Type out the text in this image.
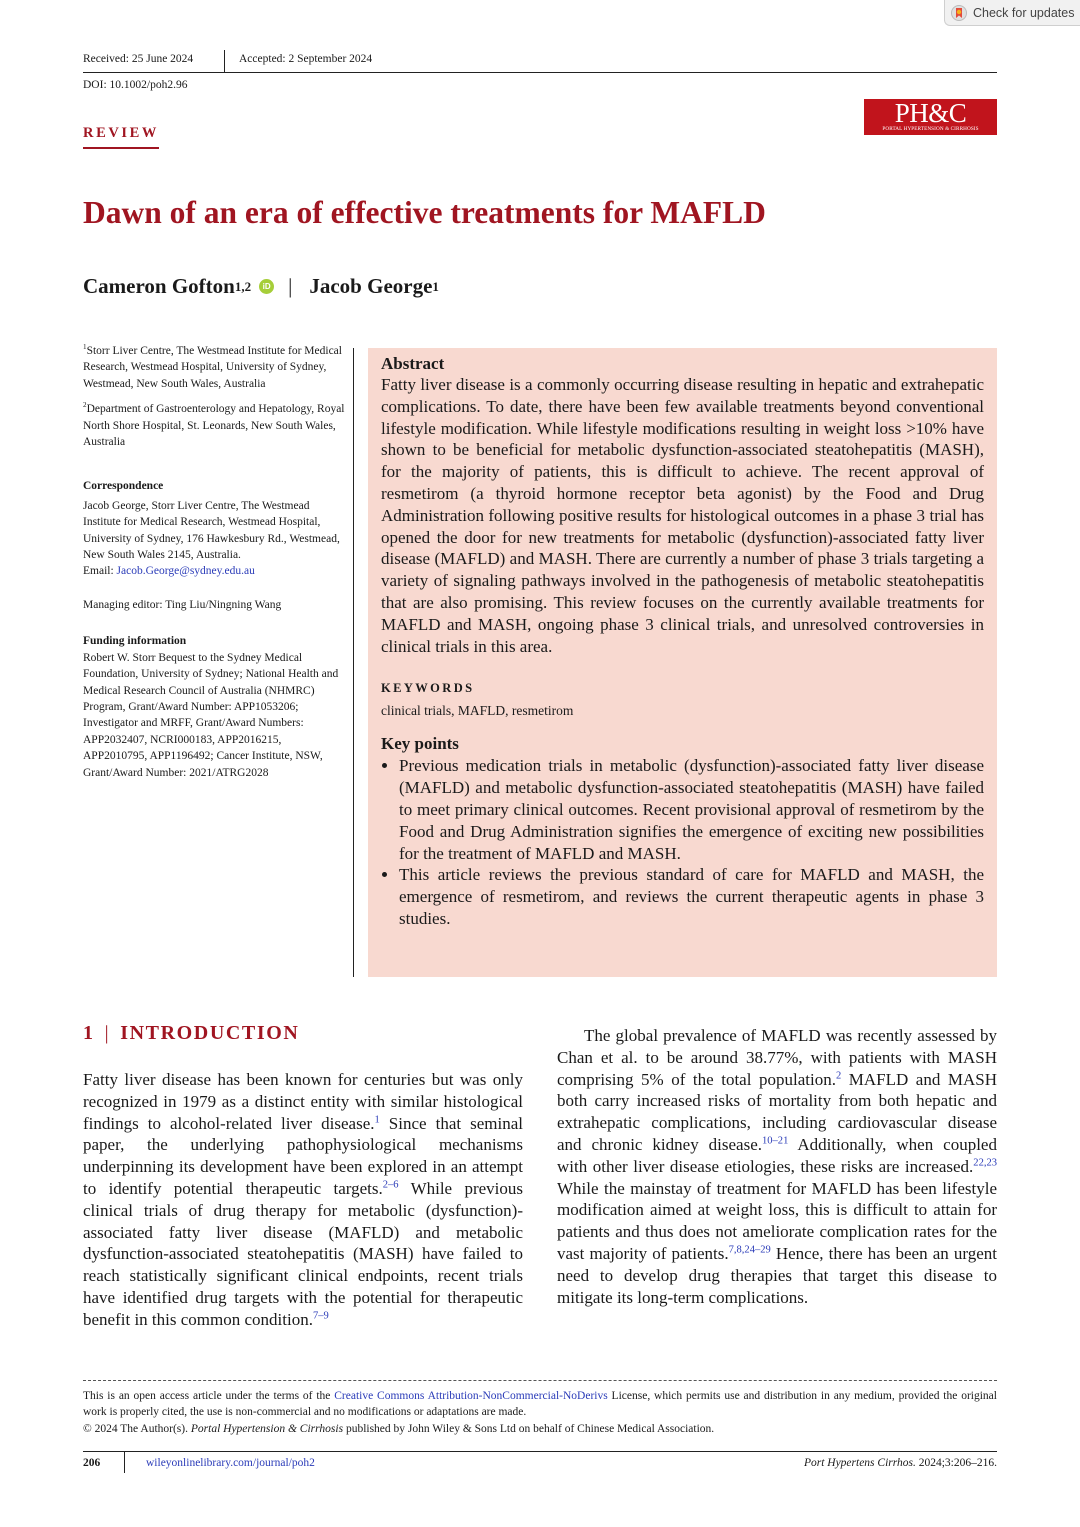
Check for updates
Received: 25 June 2024	Accepted: 2 September 2024
DOI: 10.1002/poh2.96
REVIEW
PH&C
PORTAL HYPERTENSION & CIRRHOSIS
Dawn of an era of effective treatments for MAFLD
Cameron Gofton 1,2	iD | Jacob George 1

$^1$Storr Liver Centre, The Westmead Institute for Medical Research, Westmead Hospital, University of Sydney, Westmead, New South Wales, Australia

$^2$Department of Gastroenterology and Hepatology, Royal North Shore Hospital, St. Leonards, New South Wales, Australia

Correspondence
Jacob George, Storr Liver Centre, The Westmead Institute for Medical Research, Westmead Hospital, University of Sydney, 176 Hawkesbury Rd., Westmead, New South Wales 2145, Australia.
Email: Jacob.George@sydney.edu.au
Managing editor: Ting Liu/Ningning Wang
Funding information
Robert W. Storr Bequest to the Sydney Medical Foundation, University of Sydney; National Health and Medical Research Council of Australia (NHMRC) Program, Grant/Award Number: APP1053206; Investigator and MRFF, Grant/Award Numbers: APP2032407, NCRI000183, APP2016215, APP2010795, APP1196492; Cancer Institute, NSW, Grant/Award Number: 2021/ATRG2028
Abstract

Fatty liver disease is a commonly occurring disease resulting in hepatic and extrahepatic complications. To date, there have been few available treatments beyond conventional lifestyle modification. While lifestyle modifications resulting in weight loss >10% have shown to be beneficial for metabolic dysfunction-associated steatohepatitis (MASH), for the majority of patients, this is difficult to achieve. The recent approval of resmetirom (a thyroid hormone receptor beta agonist) by the Food and Drug Administration following positive results for histological outcomes in a phase 3 trial has opened the door for new treatments for metabolic (dysfunction)-associated fatty liver disease (MAFLD) and MASH. There are currently a number of phase 3 trials targeting a variety of signaling pathways involved in the pathogenesis of metabolic steatohepatitis that are also promising. This review focuses on the currently available treatments for MAFLD and MASH, ongoing phase 3 clinical trials, and unresolved controversies in clinical trials in this area.

KEYWORDS
clinical trials, MAFLD, resmetirom
Key points
• Previous medication trials in metabolic (dysfunction)-associated fatty liver disease (MAFLD) and metabolic dysfunction-associated steatohepatitis (MASH) have failed to meet primary clinical outcomes. Recent provisional approval of resmetirom by the Food and Drug Administration signifies the emergence of exciting new possibilities for the treatment of MAFLD and MASH.
• This article reviews the previous standard of care for MAFLD and MASH, the emergence of resmetirom, and reviews the current therapeutic agents in phase 3 studies.
1 | INTRODUCTION

Fatty liver disease has been known for centuries but was only recognized in 1979 as a distinct entity with similar histological findings to alcohol-related liver disease.$^1$ Since that seminal paper, the underlying pathophysiological mechanisms underpinning its development have been explored in an attempt to identify potential therapeutic targets.$^{2-6}$ While previous clinical trials of drug therapy for metabolic (dysfunction)-associated fatty liver disease (MAFLD) and metabolic dysfunction-associated steatohepatitis (MASH) have failed to reach statistically significant clinical endpoints, recent trials have identified drug targets with the potential for therapeutic benefit in this common condition.$^{7-9}$

The global prevalence of MAFLD was recently assessed by Chan et al. to be around 38.77%, with patients with MASH comprising 5% of the total population.$^2$ MAFLD and MASH both carry increased risks of mortality from both hepatic and extrahepatic complications, including cardiovascular disease and chronic kidney disease.$^{10-21}$ Additionally, when coupled with other liver disease etiologies, these risks are increased.$^{22,23}$ While the mainstay of treatment for MAFLD has been lifestyle modification aimed at weight loss, this is difficult to attain for patients and thus does not ameliorate complication rates for the vast majority of patients.$^{7,8,24-29}$ Hence, there has been an urgent need to develop drug therapies that target this disease to mitigate its long-term complications.

This is an open access article under the terms of the Creative Commons Attribution-NonCommercial-NoDerivs License, which permits use and distribution in any medium, provided the original work is properly cited, the use is non-commercial and no modifications or adaptations are made.
© 2024 The Author(s). Portal Hypertension & Cirrhosis published by John Wiley & Sons Ltd on behalf of Chinese Medical Association.
206	wileyonlinelibrary.com/journal/poh2	Port Hypertens Cirrhos. 2024;3:206–216.
